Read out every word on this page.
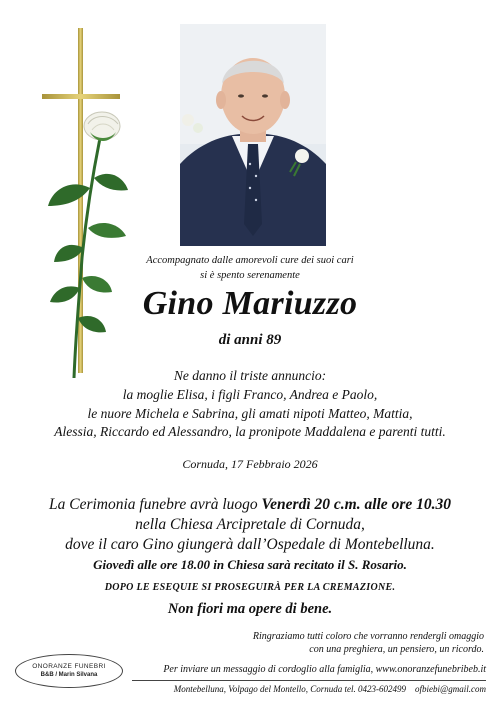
Accompagnato dalle amorevoli cure dei suoi cari
si è spento serenamente
Gino Mariuzzo
di anni 89
Ne danno il triste annuncio:
la moglie Elisa, i figli Franco, Andrea e Paolo,
le nuore Michela e Sabrina, gli amati nipoti Matteo, Mattia,
Alessia, Riccardo ed Alessandro, la pronipote Maddalena e parenti tutti.
Cornuda, 17 Febbraio 2026
La Cerimonia funebre avrà luogo Venerdì 20 c.m. alle ore 10.30
nella Chiesa Arcipretale di Cornuda,
dove il caro Gino giungerà dall’Ospedale di Montebelluna.
Giovedì alle ore 18.00 in Chiesa sarà recitato il S. Rosario.
DOPO LE ESEQUIE SI PROSEGUIRÀ PER LA CREMAZIONE.
Non fiori ma opere di bene.
Ringraziamo tutti coloro che vorranno rendergli omaggio
con una preghiera, un pensiero, un ricordo.
ONORANZE FUNEBRI
B&B / Marin Silvana	Per inviare un messaggio di cordoglio alla famiglia, www.onoranzefunebribeb.it
Montebelluna, Volpago del Montello, Cornuda tel. 0423-602499    ofbiebi@gmail.com
